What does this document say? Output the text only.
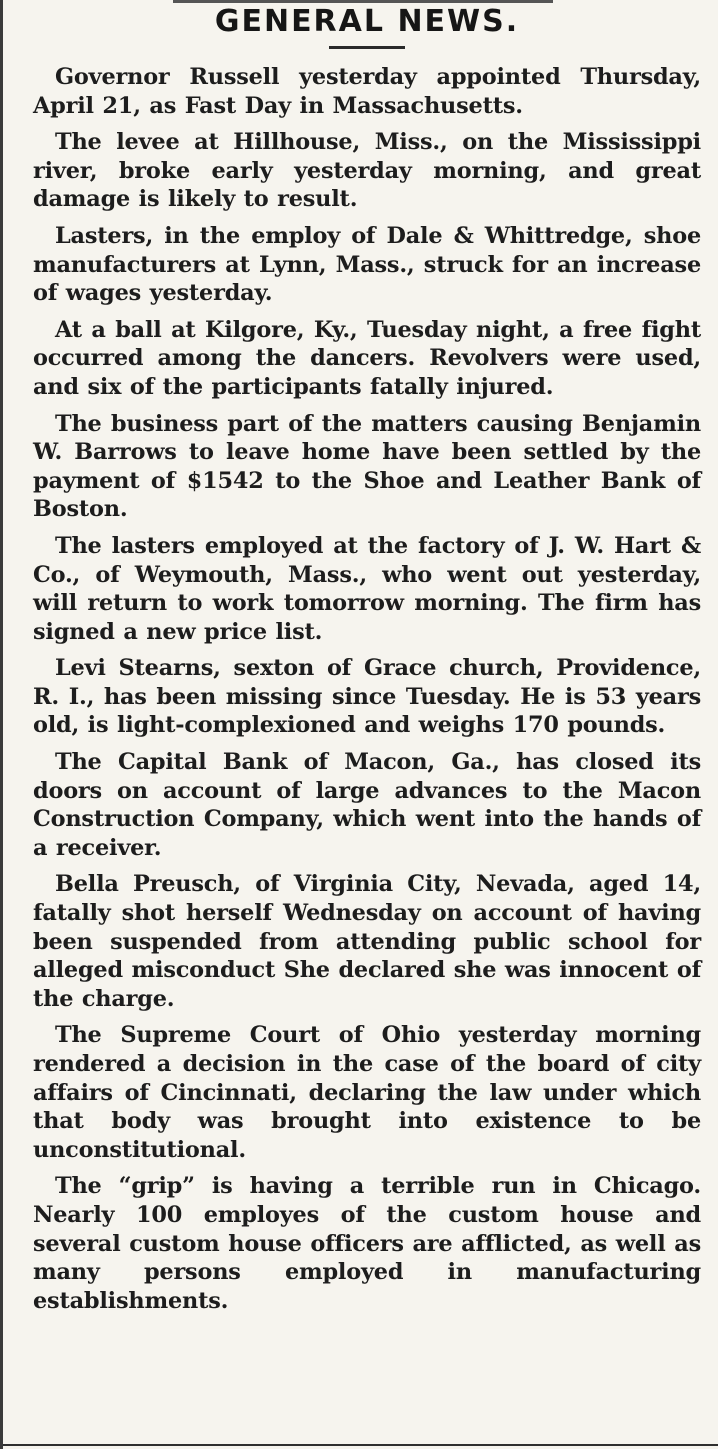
GENERAL NEWS.

Governor Russell yesterday appointed Thursday, April 21, as Fast Day in Massachusetts.

The levee at Hillhouse, Miss., on the Mississippi river, broke early yesterday morning, and great damage is likely to result.

Lasters, in the employ of Dale & Whittredge, shoe manufacturers at Lynn, Mass., struck for an increase of wages yesterday.

At a ball at Kilgore, Ky., Tuesday night, a free fight occurred among the dancers. Revolvers were used, and six of the participants fatally injured.

The business part of the matters causing Benjamin W. Barrows to leave home have been settled by the payment of $1542 to the Shoe and Leather Bank of Boston.

The lasters employed at the factory of J. W. Hart & Co., of Weymouth, Mass., who went out yesterday, will return to work tomorrow morning. The firm has signed a new price list.

Levi Stearns, sexton of Grace church, Providence, R. I., has been missing since Tuesday. He is 53 years old, is light-complexioned and weighs 170 pounds.

The Capital Bank of Macon, Ga., has closed its doors on account of large advances to the Macon Construction Company, which went into the hands of a receiver.

Bella Preusch, of Virginia City, Nevada, aged 14, fatally shot herself Wednesday on account of having been suspended from attending public school for alleged misconduct She declared she was innocent of the charge.

The Supreme Court of Ohio yesterday morning rendered a decision in the case of the board of city affairs of Cincinnati, declaring the law under which that body was brought into existence to be unconstitutional.

The “grip” is having a terrible run in Chicago. Nearly 100 employes of the custom house and several custom house officers are afflicted, as well as many persons employed in manufacturing establishments.
